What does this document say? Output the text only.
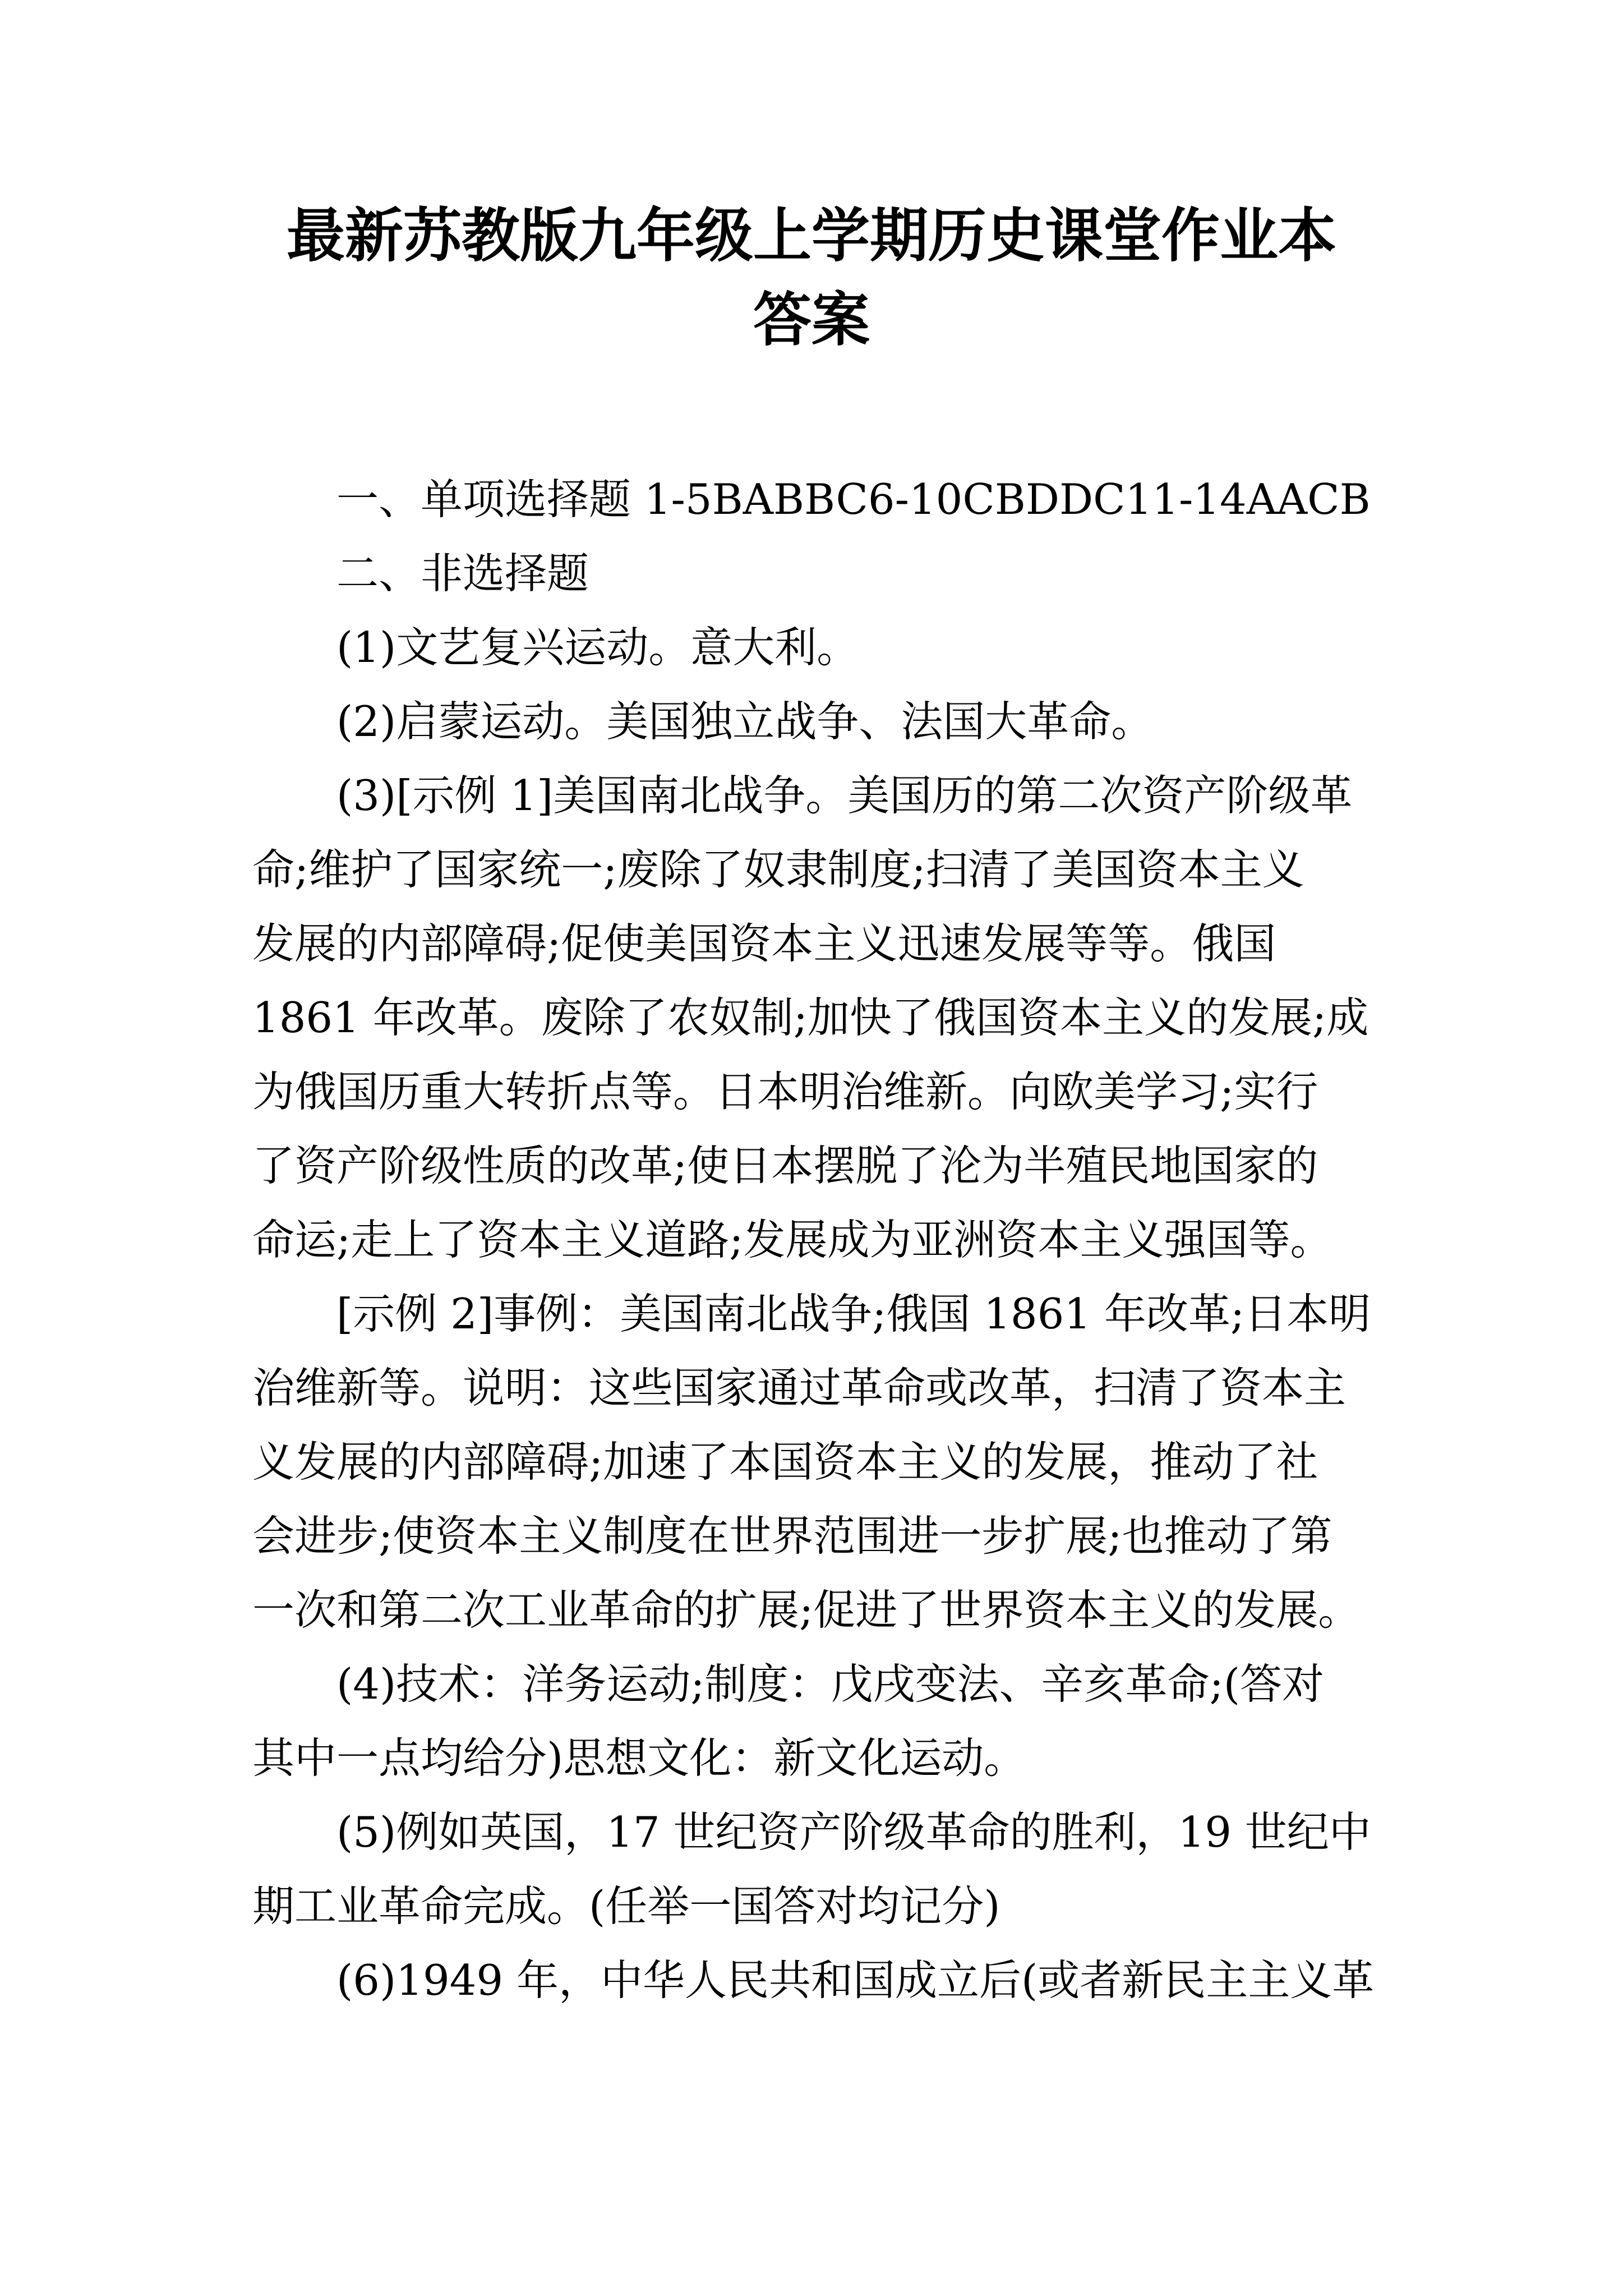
最新苏教版九年级上学期历史课堂作业本
答案

一、单项选择题 1-5BABBC6-10CBDDC11-14AACB

二、非选择题

(1)文艺复兴运动。意大利。

(2)启蒙运动。美国独立战争、法国大革命。

(3)[示例 1]美国南北战争。美国历的第二次资产阶级革

命;维护了国家统一;废除了奴隶制度;扫清了美国资本主义

发展的内部障碍;促使美国资本主义迅速发展等等。俄国

1861 年改革。废除了农奴制;加快了俄国资本主义的发展;成

为俄国历重大转折点等。日本明治维新。向欧美学习;实行

了资产阶级性质的改革;使日本摆脱了沦为半殖民地国家的

命运;走上了资本主义道路;发展成为亚洲资本主义强国等。

[示例 2]事例：美国南北战争;俄国 1861 年改革;日本明

治维新等。说明：这些国家通过革命或改革，扫清了资本主

义发展的内部障碍;加速了本国资本主义的发展，推动了社

会进步;使资本主义制度在世界范围进一步扩展;也推动了第

一次和第二次工业革命的扩展;促进了世界资本主义的发展。

(4)技术：洋务运动;制度：戊戌变法、辛亥革命;(答对

其中一点均给分)思想文化：新文化运动。

(5)例如英国，17 世纪资产阶级革命的胜利，19 世纪中

期工业革命完成。(任举一国答对均记分)

(6)1949 年，中华人民共和国成立后(或者新民主主义革
